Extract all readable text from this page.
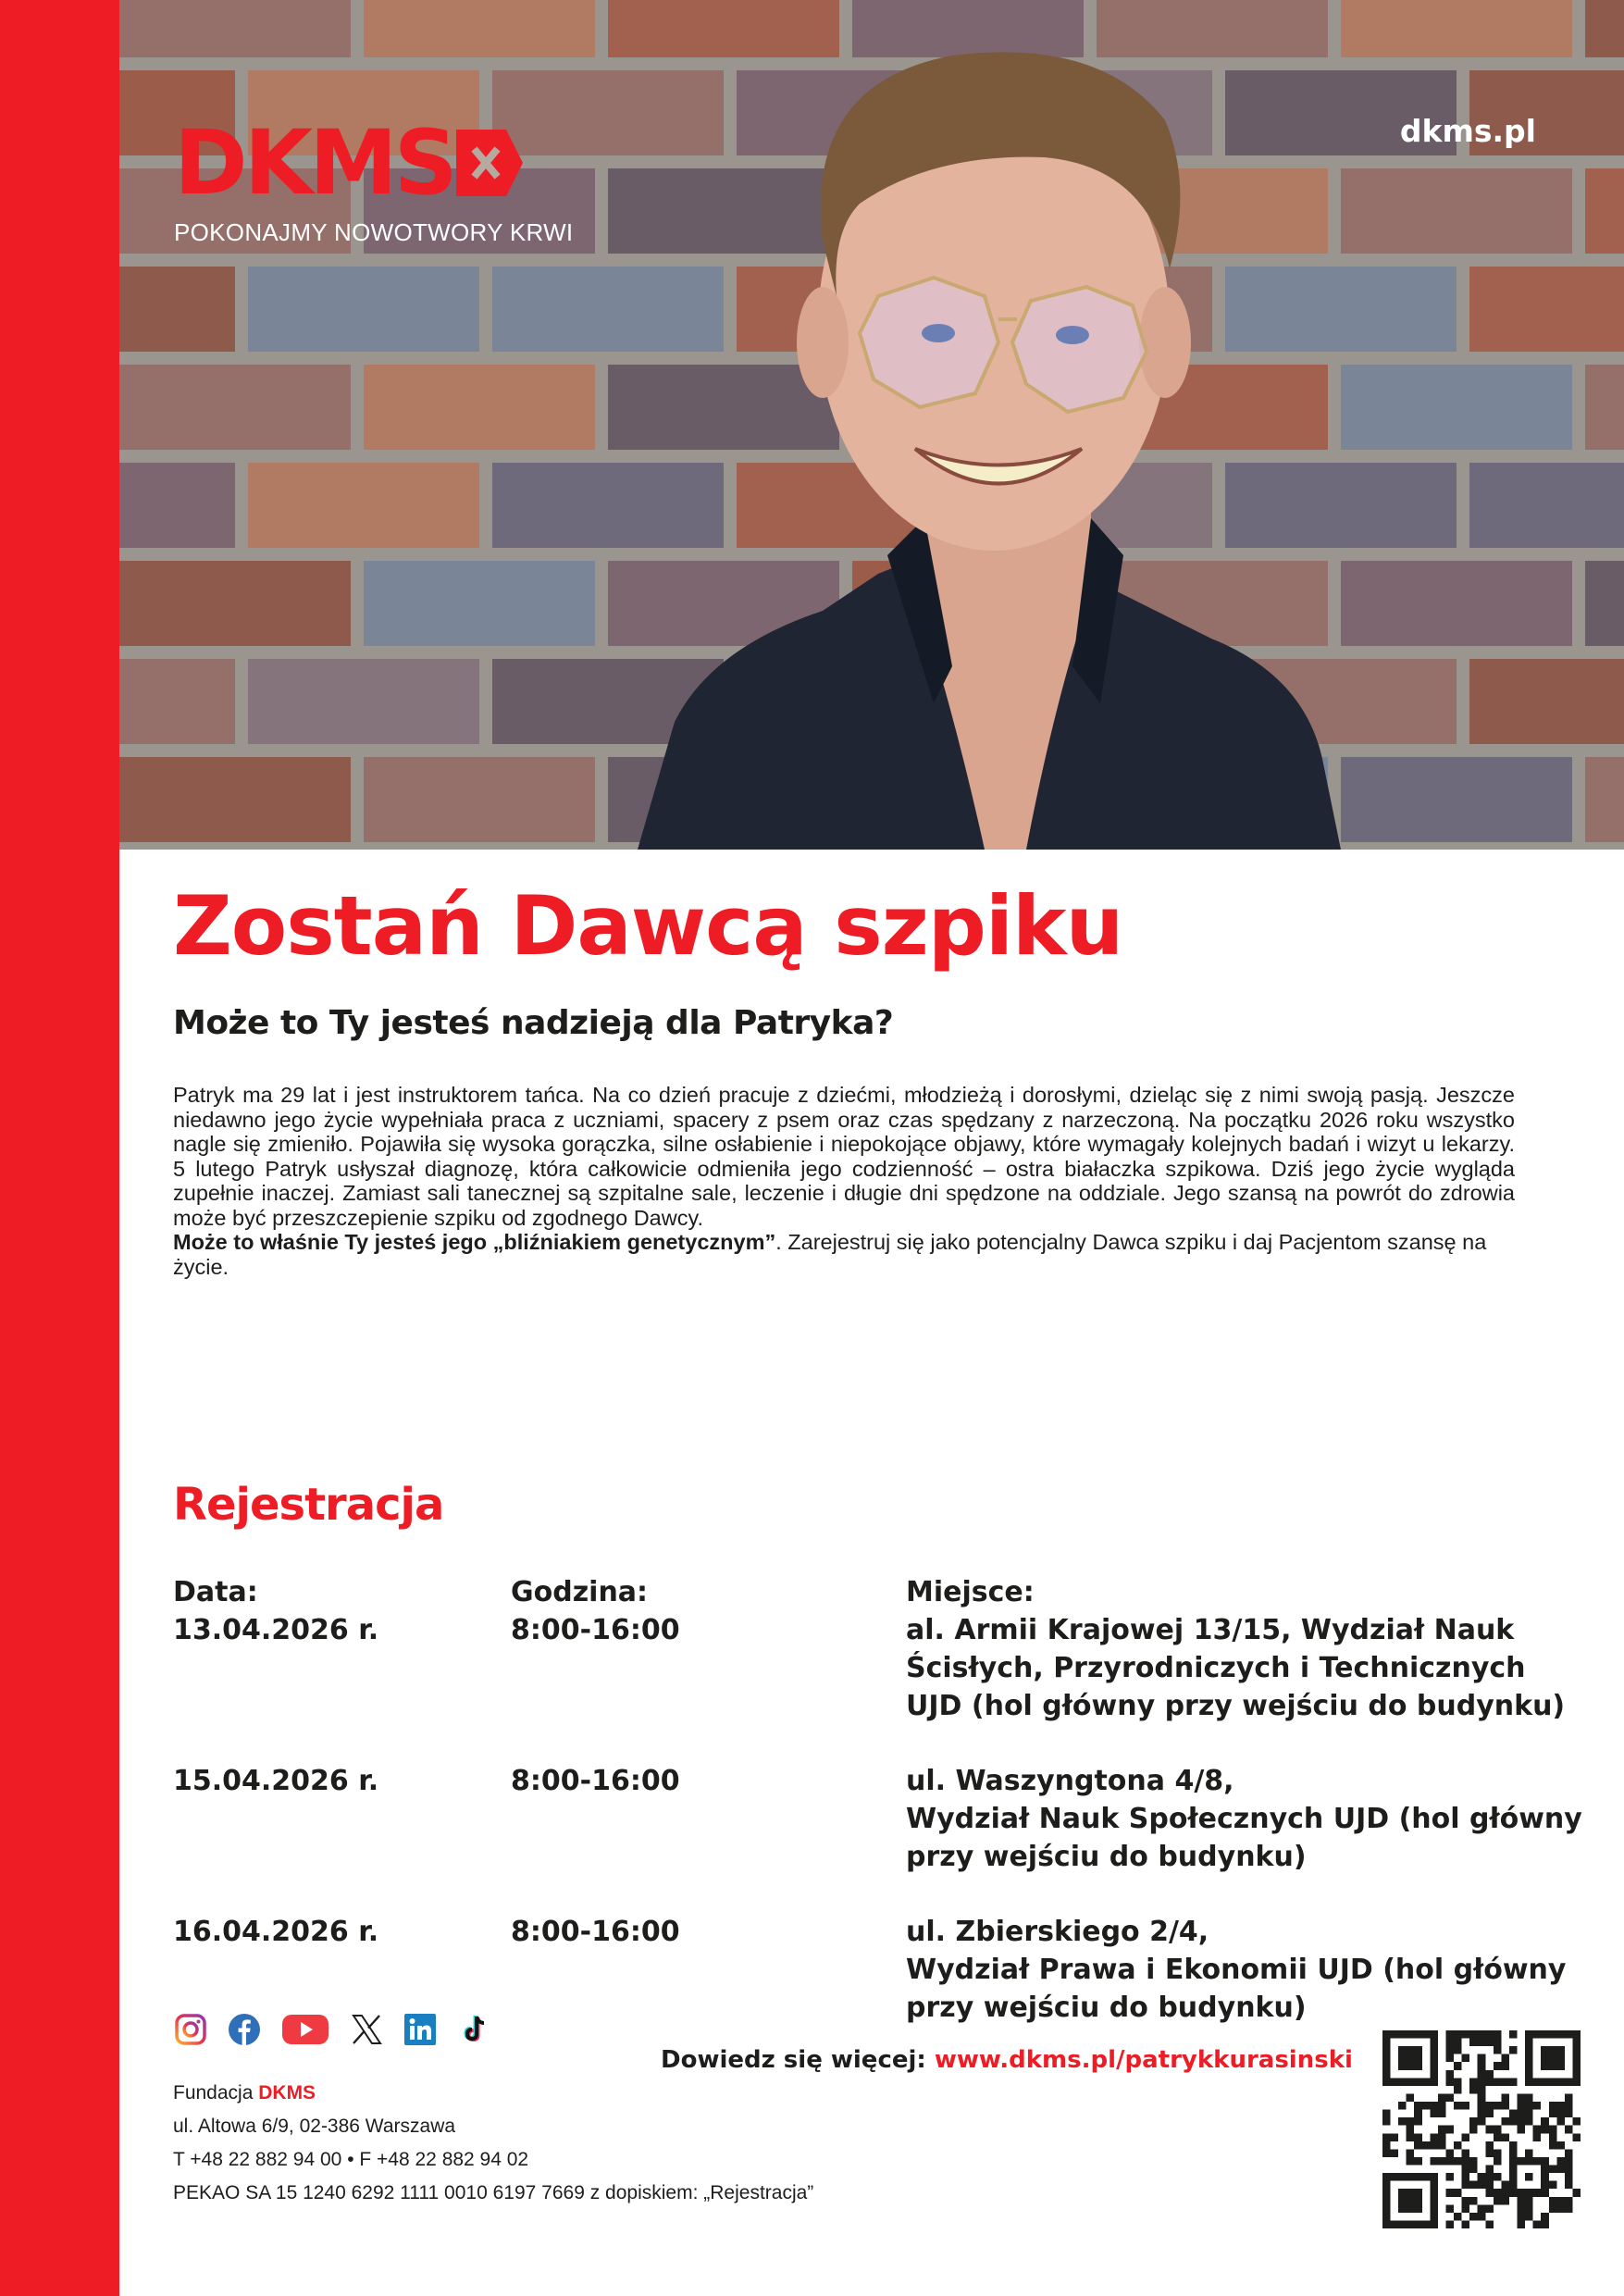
DKMS
POKONAJMY NOWOTWORY KRWI
dkms.pl
Zostań Dawcą szpiku
Może to Ty jesteś nadzieją dla Patryka?

Patryk ma 29 lat i jest instruktorem tańca. Na co dzień pracuje z dziećmi, młodzieżą i dorosłymi, dzieląc się z nimi swoją pasją. Jeszcze niedawno jego życie wypełniała praca z uczniami, spacery z psem oraz czas spędzany z narzeczoną. Na początku 2026 roku wszystko nagle się zmieniło. Pojawiła się wysoka gorączka, silne osłabienie i niepokojące objawy, które wymagały kolejnych badań i wizyt u lekarzy. 5 lutego Patryk usłyszał diagnozę, która całkowicie odmieniła jego codzienność – ostra białaczka szpikowa. Dziś jego życie wygląda zupełnie inaczej. Zamiast sali tanecznej są szpitalne sale, leczenie i długie dni spędzone na oddziale. Jego szansą na powrót do zdrowia może być przeszczepienie szpiku od zgodnego Dawcy.

Może to właśnie Ty jesteś jego „bliźniakiem genetycznym”. Zarejestruj się jako potencjalny Dawca szpiku i daj Pacjentom szansę na życie.

Rejestracja
Data:	Godzina:	Miejsce:
13.04.2026 r.	8:00-16:00	al. Armii Krajowej 13/15, Wydział Nauk
Ścisłych, Przyrodniczych i Technicznych
UJD (hol główny przy wejściu do budynku)
15.04.2026 r.	8:00-16:00	ul. Waszyngtona 4/8,
Wydział Nauk Społecznych UJD (hol główny
przy wejściu do budynku)
16.04.2026 r.	8:00-16:00	ul. Zbierskiego 2/4,
Wydział Prawa i Ekonomii UJD (hol główny
przy wejściu do budynku)
Dowiedz się więcej: www.dkms.pl/patrykkurasinski
Fundacja DKMS
ul. Altowa 6/9, 02-386 Warszawa
T +48 22 882 94 00 • F +48 22 882 94 02
PEKAO SA 15 1240 6292 1111 0010 6197 7669 z dopiskiem: „Rejestracja”
